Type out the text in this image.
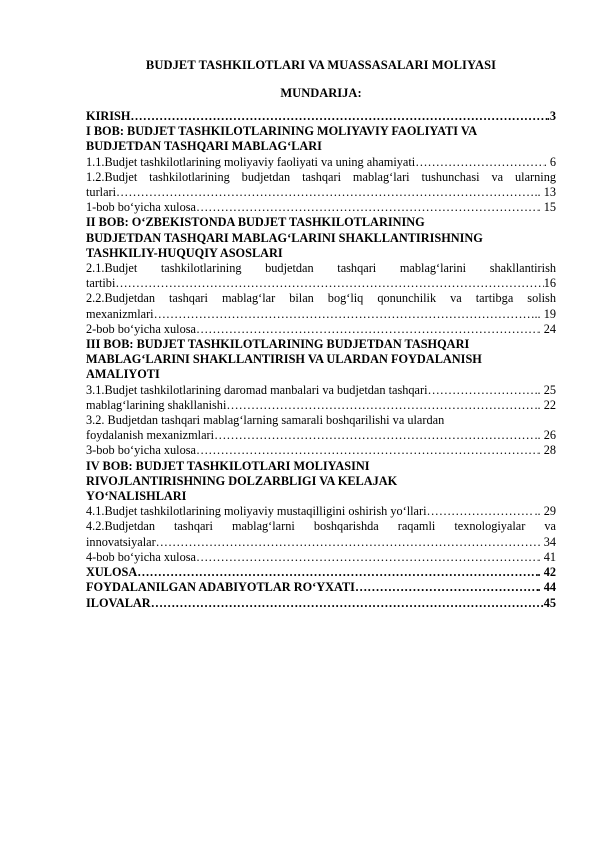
BUDJET TASHKILOTLARI VA MUASSASALARI MOLIYASI
MUNDARIJA:
KIRISH ………………………………………………………………………………………………………………………………………………………………………………………………………………………	.3
I BOB: BUDJET TASHKILOTLARINING MOLIYAVIY FAOLIYATI VA
BUDJETDAN TASHQARI MABLAG‘LARI
1.1.Budjet tashkilotlarining moliyaviy faoliyati va uning ahamiyati ………………………………………………………………………………………………………………………………………………………………………………………………………………………	. 6
1.2.Budjet tashkilotlarining budjetdan tashqari mablag‘lari tushunchasi va ularning
turlari ………………………………………………………………………………………………………………………………………………………………………………………………………………………	.. 13
1-bob bo‘yicha xulosa ………………………………………………………………………………………………………………………………………………………………………………………………………………………	. 15
II BOB: O‘ZBEKISTONDA BUDJET TASHKILOTLARINING
BUDJETDAN TASHQARI MABLAG‘LARINI SHAKLLANTIRISHNING
TASHKILIY-HUQUQIY ASOSLARI
2.1.Budjet tashkilotlarining budjetdan tashqari mablag‘larini shakllantirish
tartibi ………………………………………………………………………………………………………………………………………………………………………………………………………………………	16
2.2.Budjetdan tashqari mablag‘lar bilan bog‘liq qonunchilik va tartibga solish
mexanizmlari ………………………………………………………………………………………………………………………………………………………………………………………………………………………	.. 19
2-bob bo‘yicha xulosa ………………………………………………………………………………………………………………………………………………………………………………………………………………………	. 24
III BOB: BUDJET TASHKILOTLARINING BUDJETDAN TASHQARI
MABLAG‘LARINI SHAKLLANTIRISH VA ULARDAN FOYDALANISH
AMALIYOTI
3.1.Budjet tashkilotlarining daromad manbalari va budjetdan tashqari ………………………………………………………………………………………………………………………………………………………………………………………………………………………	. 25
mablag‘larining shakllanishi ………………………………………………………………………………………………………………………………………………………………………………………………………………………	.. 22
3.2. Budjetdan tashqari mablag‘larning samarali boshqarilishi va ulardan
foydalanish mexanizmlari ………………………………………………………………………………………………………………………………………………………………………………………………………………………	.. 26
3-bob bo‘yicha xulosa ………………………………………………………………………………………………………………………………………………………………………………………………………………………	. 28
IV BOB: BUDJET TASHKILOTLARI MOLIYASINI
RIVOJLANTIRISHNING DOLZARBLIGI VA KELAJAK
YO‘NALISHLARI
4.1.Budjet tashkilotlarining moliyaviy mustaqilligini oshirish yo‘llari ………………………………………………………………………………………………………………………………………………………………………………………………………………………	.. 29
4.2.Budjetdan tashqari mablag‘larni boshqarishda raqamli texnologiyalar va
innovatsiyalar ………………………………………………………………………………………………………………………………………………………………………………………………………………………	. 34
4-bob bo‘yicha xulosa ………………………………………………………………………………………………………………………………………………………………………………………………………………………	. 41
XULOSA ………………………………………………………………………………………………………………………………………………………………………………………………………………………	. 42
FOYDALANILGAN ADABIYOTLAR RO‘YXATI ………………………………………………………………………………………………………………………………………………………………………………………………………………………	. 44
ILOVALAR ………………………………………………………………………………………………………………………………………………………………………………………………………………………	.45
